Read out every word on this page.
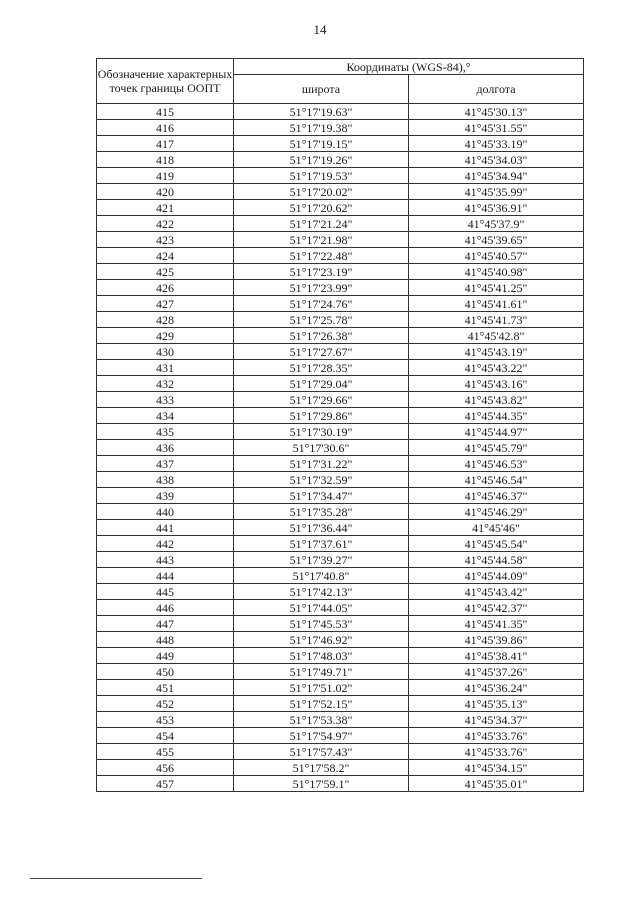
14
Обозначение характерных точек границы ООПТ	Координаты (WGS-84),°	
	широта	долгота
415	51°17'19.63"	41°45'30.13"
416	51°17'19.38"	41°45'31.55"
417	51°17'19.15"	41°45'33.19"
418	51°17'19.26"	41°45'34.03"
419	51°17'19.53"	41°45'34.94"
420	51°17'20.02"	41°45'35.99"
421	51°17'20.62"	41°45'36.91"
422	51°17'21.24"	41°45'37.9"
423	51°17'21.98"	41°45'39.65"
424	51°17'22.48"	41°45'40.57"
425	51°17'23.19"	41°45'40.98"
426	51°17'23.99"	41°45'41.25"
427	51°17'24.76"	41°45'41.61"
428	51°17'25.78"	41°45'41.73"
429	51°17'26.38"	41°45'42.8"
430	51°17'27.67"	41°45'43.19"
431	51°17'28.35"	41°45'43.22"
432	51°17'29.04"	41°45'43.16"
433	51°17'29.66"	41°45'43.82"
434	51°17'29.86"	41°45'44.35"
435	51°17'30.19"	41°45'44.97"
436	51°17'30.6"	41°45'45.79"
437	51°17'31.22"	41°45'46.53"
438	51°17'32.59"	41°45'46.54"
439	51°17'34.47"	41°45'46.37"
440	51°17'35.28"	41°45'46.29"
441	51°17'36.44"	41°45'46"
442	51°17'37.61"	41°45'45.54"
443	51°17'39.27"	41°45'44.58"
444	51°17'40.8"	41°45'44.09"
445	51°17'42.13"	41°45'43.42"
446	51°17'44.05"	41°45'42.37"
447	51°17'45.53"	41°45'41.35"
448	51°17'46.92"	41°45'39.86"
449	51°17'48.03"	41°45'38.41"
450	51°17'49.71"	41°45'37.26"
451	51°17'51.02"	41°45'36.24"
452	51°17'52.15"	41°45'35.13"
453	51°17'53.38"	41°45'34.37"
454	51°17'54.97"	41°45'33.76"
455	51°17'57.43"	41°45'33.76"
456	51°17'58.2"	41°45'34.15"
457	51°17'59.1"	41°45'35.01"
